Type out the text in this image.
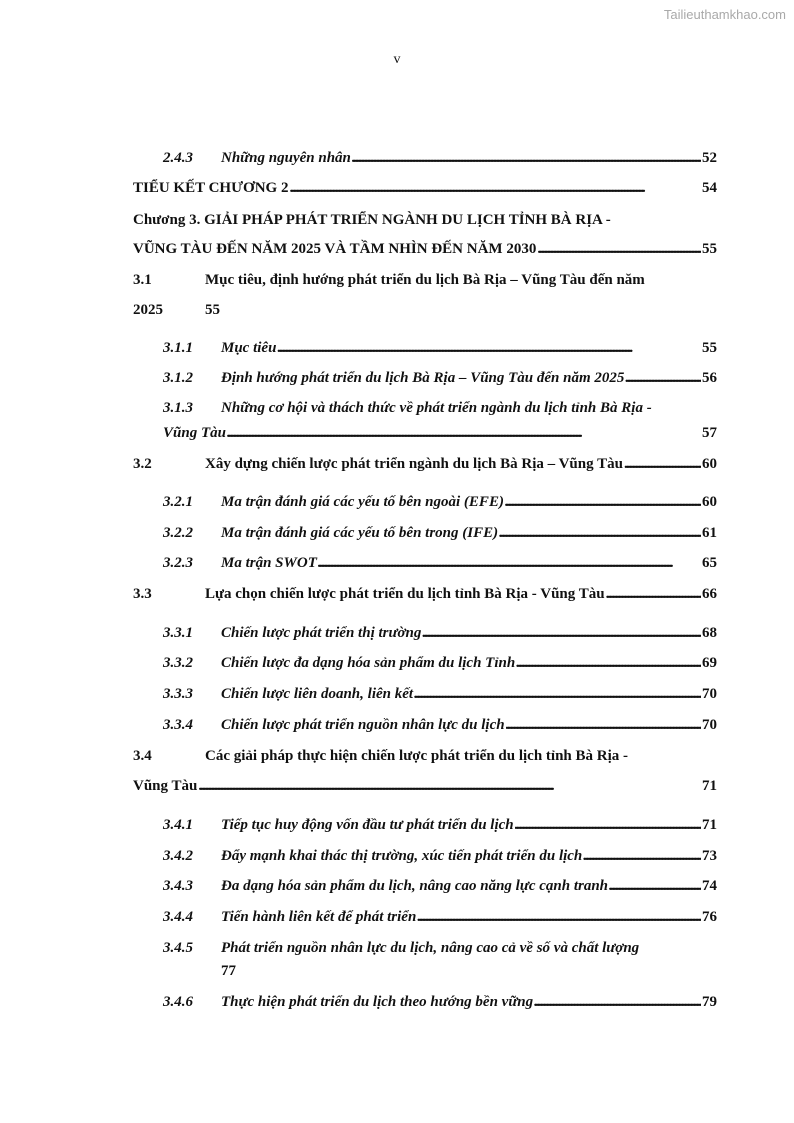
Tailieuthamkhao.com
v
2.4.3	Những nguyên nhân . . .	52
TIỂU KẾT CHƯƠNG 2 . . .	54
Chương 3. GIẢI PHÁP PHÁT TRIỂN NGÀNH DU LỊCH TỈNH BÀ RỊA -
VŨNG TÀU ĐẾN NĂM 2025 VÀ TẦM NHÌN ĐẾN NĂM 2030 . . .	55
3.1	Mục tiêu, định hướng phát triển du lịch Bà Rịa – Vũng Tàu đến năm
2025	55
3.1.1	Mục tiêu . . .	55
3.1.2	Định hướng phát triển du lịch Bà Rịa – Vũng Tàu đến năm 2025 . . .	56
3.1.3 Những cơ hội và thách thức về phát triển ngành du lịch tỉnh Bà Rịa -
Vũng Tàu . . .	57
3.2	Xây dựng chiến lược phát triển ngành du lịch Bà Rịa – Vũng Tàu . . .	60
3.2.1	Ma trận đánh giá các yếu tố bên ngoài (EFE) . . .	60
3.2.2	Ma trận đánh giá các yếu tố bên trong (IFE) . . .	61
3.2.3	Ma trận SWOT . . .	65
3.3	Lựa chọn chiến lược phát triển du lịch tỉnh Bà Rịa - Vũng Tàu . . .	66
3.3.1	Chiến lược phát triển thị trường . . .	68
3.3.2	Chiến lược đa dạng hóa sản phẩm du lịch Tỉnh . . .	69
3.3.3	Chiến lược liên doanh, liên kết . . .	70
3.3.4	Chiến lược phát triển nguồn nhân lực du lịch . . .	70
3.4	Các giải pháp thực hiện chiến lược phát triển du lịch tỉnh Bà Rịa -
Vũng Tàu . . .	71
3.4.1	Tiếp tục huy động vốn đầu tư phát triển du lịch . . .	71
3.4.2	Đẩy mạnh khai thác thị trường, xúc tiến phát triển du lịch . . .	73
3.4.3	Đa dạng hóa sản phẩm du lịch, nâng cao năng lực cạnh tranh . . .	74
3.4.4	Tiến hành liên kết để phát triển . . .	76
3.4.5 Phát triển nguồn nhân lực du lịch, nâng cao cả về số và chất lượng
77
3.4.6	Thực hiện phát triển du lịch theo hướng bền vững . . .	79
